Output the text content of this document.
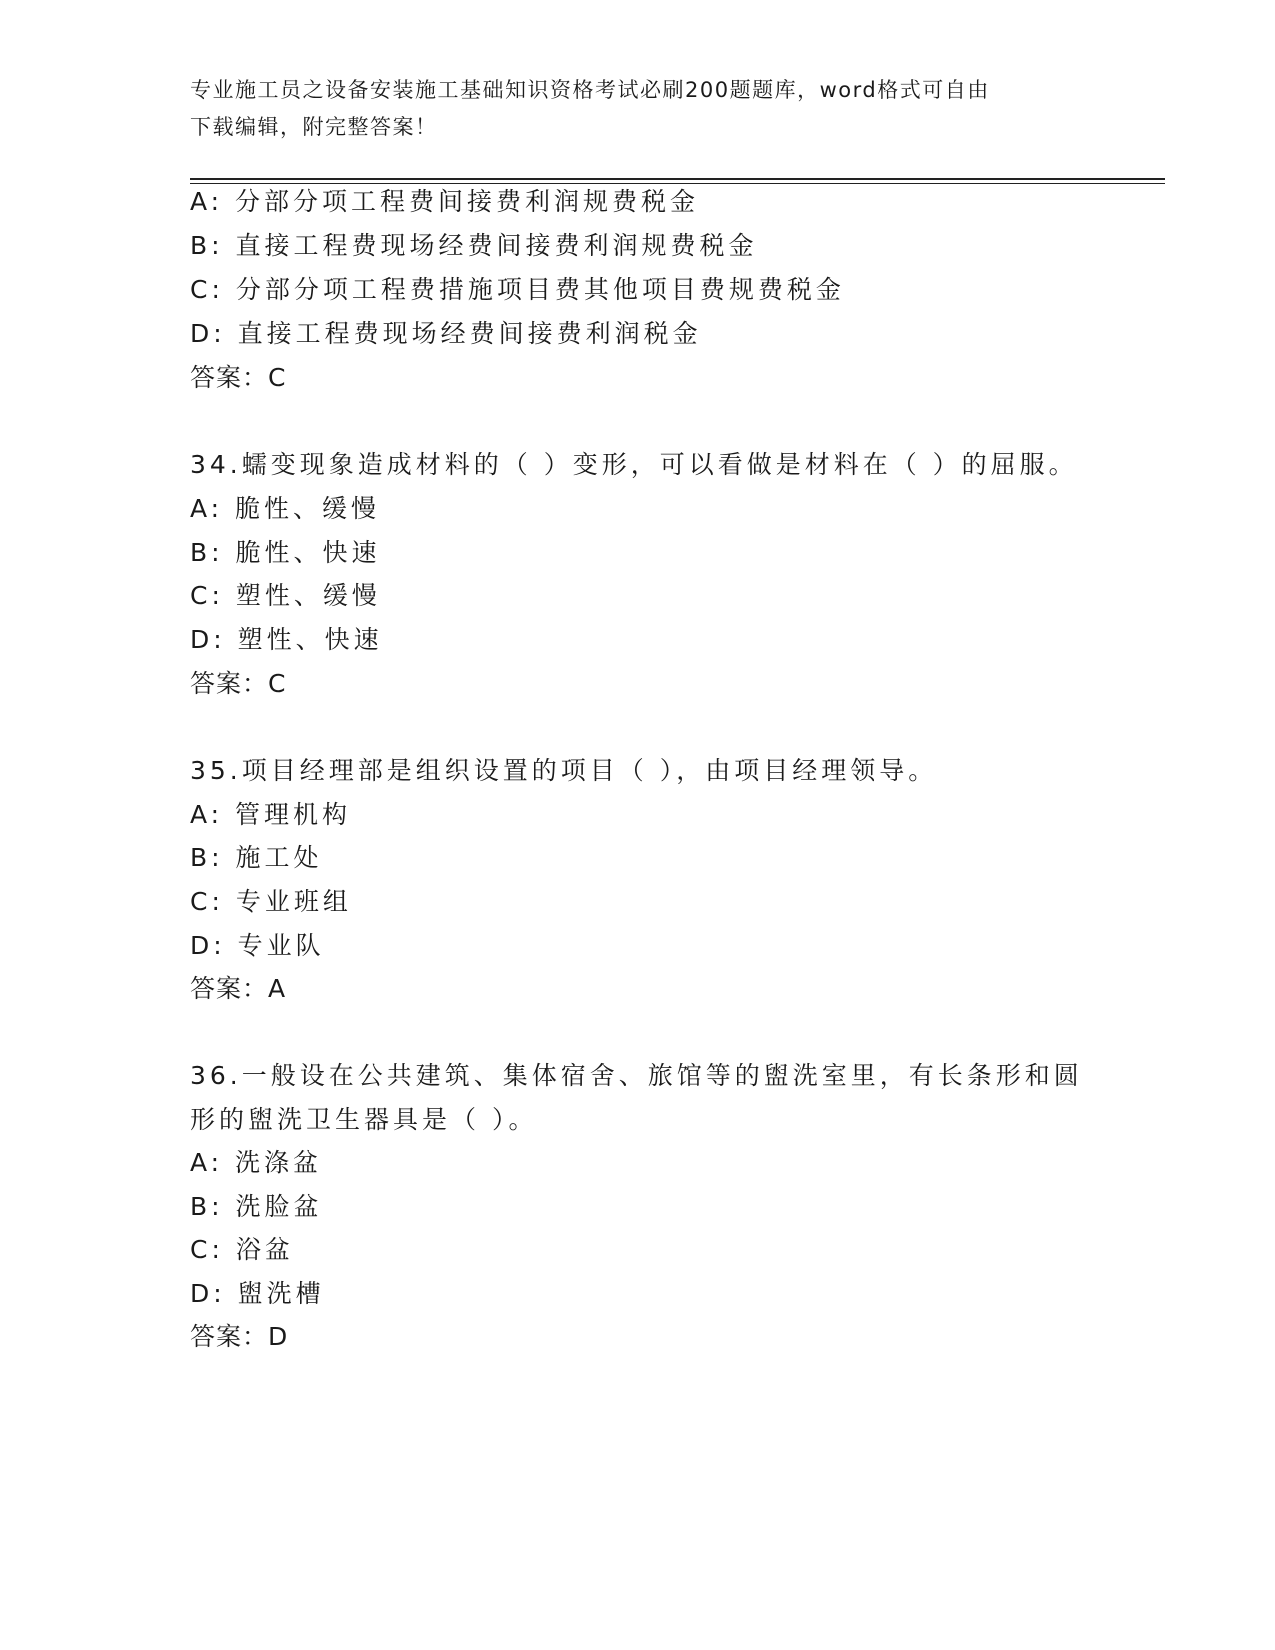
专业施工员之设备安装施工基础知识资格考试必刷200题题库，word格式可自由
下载编辑，附完整答案！
A: 分部分项工程费间接费利润规费税金
B: 直接工程费现场经费间接费利润规费税金
C: 分部分项工程费措施项目费其他项目费规费税金
D: 直接工程费现场经费间接费利润税金
答案：C
34.蠕变现象造成材料的（ ）变形，可以看做是材料在（ ）的屈服。
A: 脆性、缓慢
B: 脆性、快速
C: 塑性、缓慢
D: 塑性、快速
答案：C
35.项目经理部是组织设置的项目（ ），由项目经理领导。
A: 管理机构
B: 施工处
C: 专业班组
D: 专业队
答案：A
36.一般设在公共建筑、集体宿舍、旅馆等的盥洗室里，有长条形和圆
形的盥洗卫生器具是（ ）。
A: 洗涤盆
B: 洗脸盆
C: 浴盆
D: 盥洗槽
答案：D
